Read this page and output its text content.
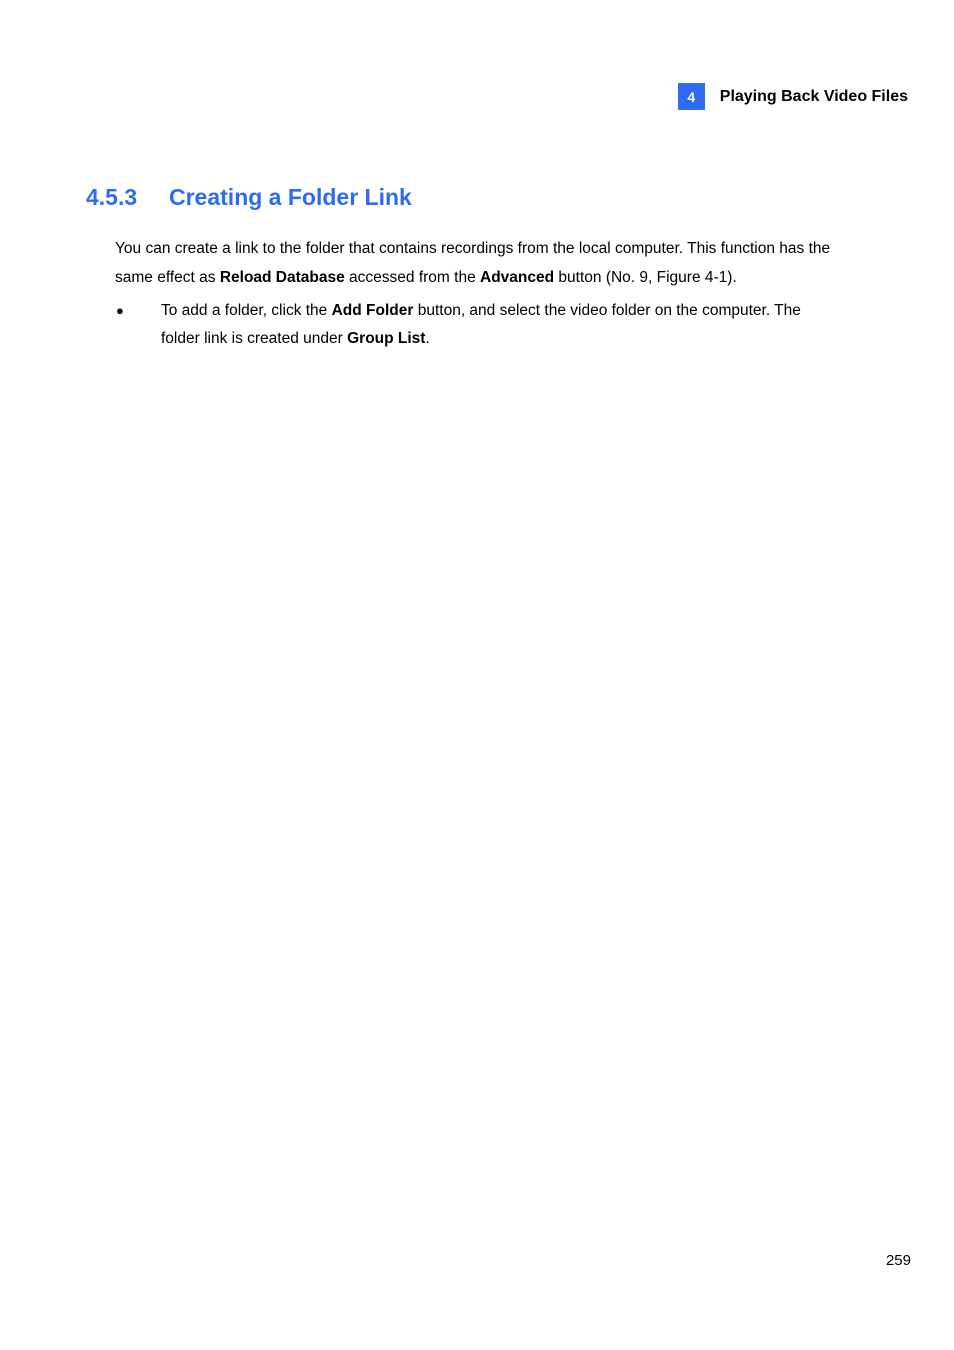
4	Playing Back Video Files
4.5.3 Creating a Folder Link

You can create a link to the folder that contains recordings from the local computer. This function has the same effect as Reload Database accessed from the Advanced button (No. 9, Figure 4-1).

●	To add a folder, click the Add Folder button, and select the video folder on the computer. The folder link is created under Group List.
259
